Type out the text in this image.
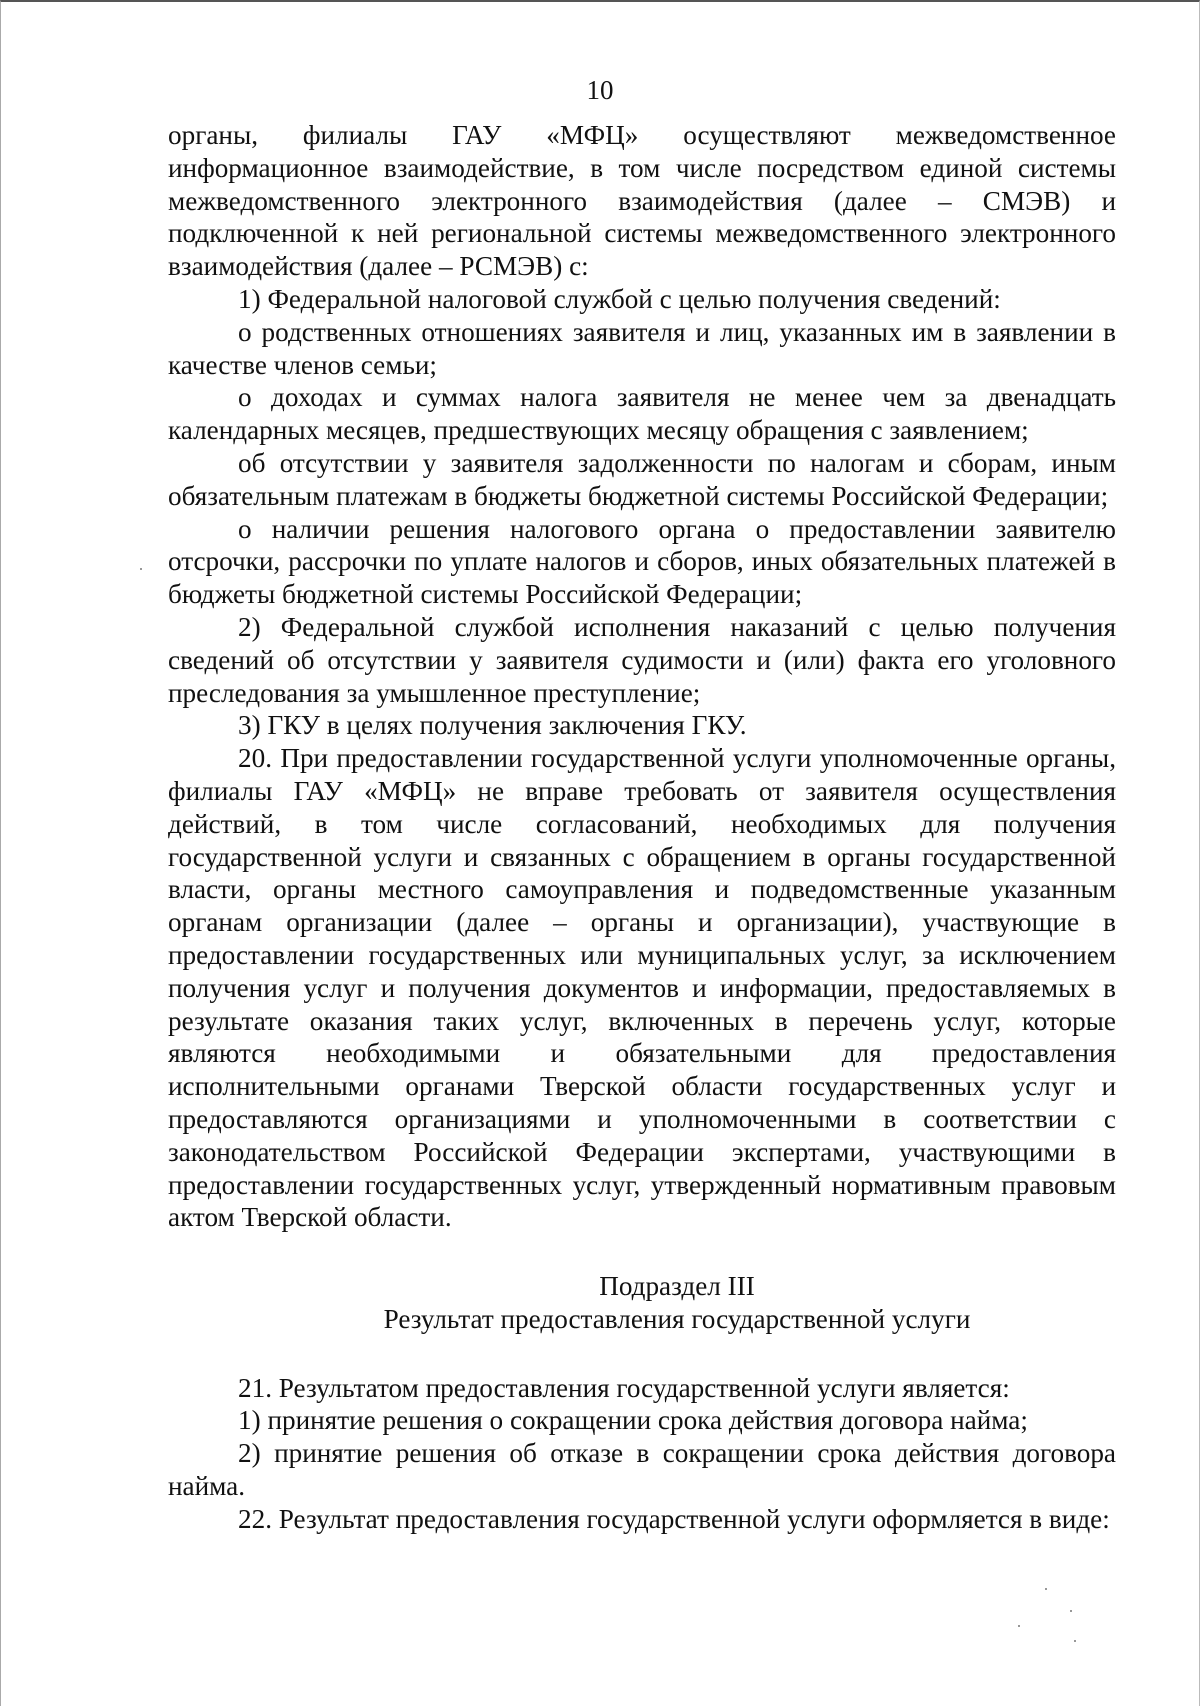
10

органы, филиалы ГАУ «МФЦ» осуществляют межведомственное информационное взаимодействие, в том числе посредством единой системы межведомственного электронного взаимодействия (далее – СМЭВ) и подключенной к ней региональной системы межведомственного электронного взаимодействия (далее – РСМЭВ) с:

1) Федеральной налоговой службой с целью получения сведений:

о родственных отношениях заявителя и лиц, указанных им в заявлении в качестве членов семьи;

о доходах и суммах налога заявителя не менее чем за двенадцать календарных месяцев, предшествующих месяцу обращения с заявлением;

об отсутствии у заявителя задолженности по налогам и сборам, иным обязательным платежам в бюджеты бюджетной системы Российской Федерации;

о наличии решения налогового органа о предоставлении заявителю отсрочки, рассрочки по уплате налогов и сборов, иных обязательных платежей в бюджеты бюджетной системы Российской Федерации;

2) Федеральной службой исполнения наказаний с целью получения сведений об отсутствии у заявителя судимости и (или) факта его уголовного преследования за умышленное преступление;

3) ГКУ в целях получения заключения ГКУ.

20. При предоставлении государственной услуги уполномоченные органы, филиалы ГАУ «МФЦ» не вправе требовать от заявителя осуществления действий, в том числе согласований, необходимых для получения государственной услуги и связанных с обращением в органы государственной власти, органы местного самоуправления и подведомственные указанным органам организации (далее – органы и организации), участвующие в предоставлении государственных или муниципальных услуг, за исключением получения услуг и получения документов и информации, предоставляемых в результате оказания таких услуг, включенных в перечень услуг, которые являются необходимыми и обязательными для предоставления исполнительными органами Тверской области государственных услуг и предоставляются организациями и уполномоченными в соответствии с законодательством Российской Федерации экспертами, участвующими в предоставлении государственных услуг, утвержденный нормативным правовым актом Тверской области.

Подраздел III

Результат предоставления государственной услуги

21. Результатом предоставления государственной услуги является:

1) принятие решения о сокращении срока действия договора найма;

2) принятие решения об отказе в сокращении срока действия договора найма.

22. Результат предоставления государственной услуги оформляется в виде:
